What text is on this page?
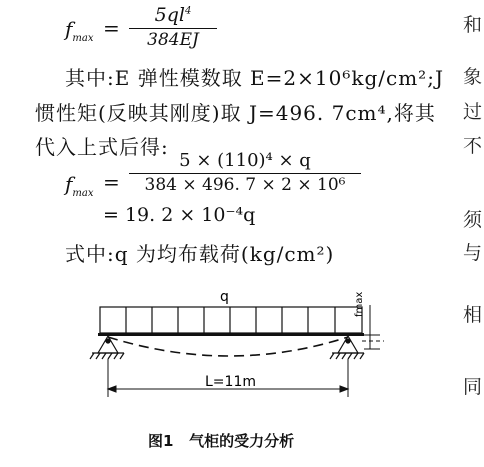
$f_{max}$ =
$5ql^4$
384EJ
其中:E 弹性模数取 E=2×10⁶kg/cm²;J
惯性矩(反映其刚度)取 J=496. 7cm⁴,将其
代入上式后得:
$f_{max}$ =
5 × (110)⁴ × q
384 × 496. 7 × 2 × 10⁶
= 19. 2 × 10⁻⁴q
式中:q 为均布载荷(kg/cm²)
q
L=11m
fmax
图1   气柜的受力分析
和
象
过
不
须
与
相
同
